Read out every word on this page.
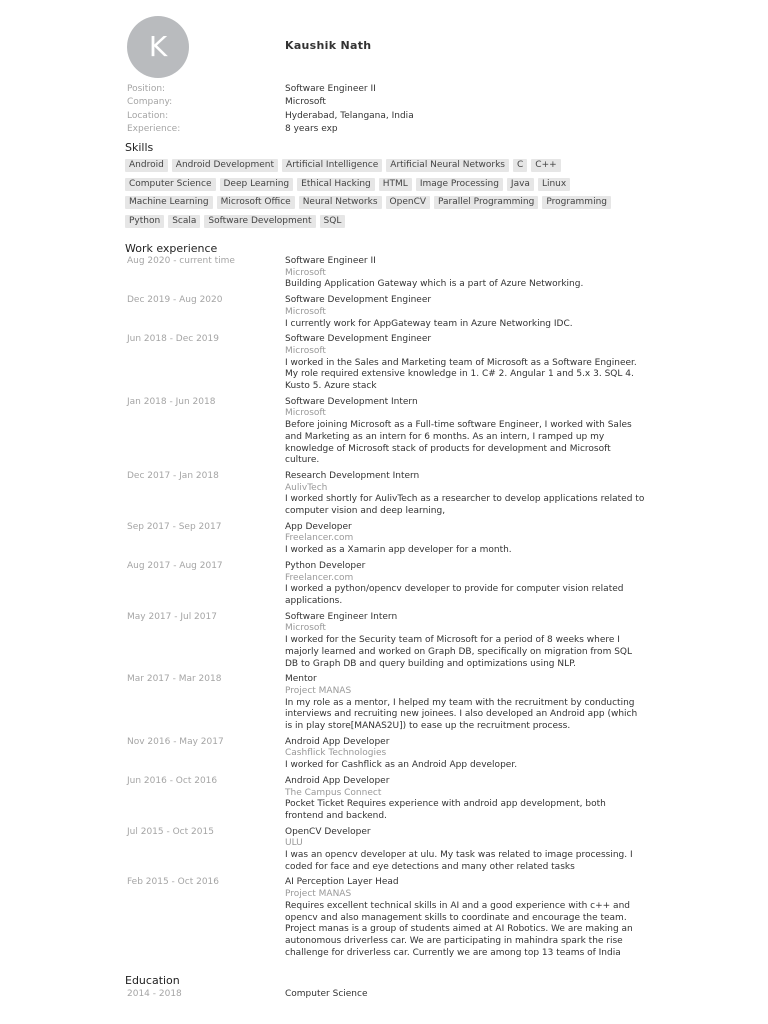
K	Kaushik Nath
Position:	Software Engineer II
Company:	Microsoft
Location:	Hyderabad, Telangana, India
Experience:	8 years exp
Skills
Android	Android Development	Artificial Intelligence	Artificial Neural Networks	C	C++
Computer Science	Deep Learning	Ethical Hacking	HTML	Image Processing	Java	Linux
Machine Learning	Microsoft Office	Neural Networks	OpenCV	Parallel Programming	Programming
Python	Scala	Software Development	SQL
Work experience
Aug 2020 - current time	Software Engineer II
Microsoft
Building Application Gateway which is a part of Azure Networking.
Dec 2019 - Aug 2020	Software Development Engineer
Microsoft
I currently work for AppGateway team in Azure Networking IDC.
Jun 2018 - Dec 2019	Software Development Engineer
Microsoft
I worked in the Sales and Marketing team of Microsoft as a Software Engineer. My role required extensive knowledge in 1. C# 2. Angular 1 and 5.x 3. SQL 4. Kusto 5. Azure stack
Jan 2018 - Jun 2018	Software Development Intern
Microsoft
Before joining Microsoft as a Full-time software Engineer, I worked with Sales and Marketing as an intern for 6 months. As an intern, I ramped up my knowledge of Microsoft stack of products for development and Microsoft culture.
Dec 2017 - Jan 2018	Research Development Intern
AulivTech
I worked shortly for AulivTech as a researcher to develop applications related to computer vision and deep learning,
Sep 2017 - Sep 2017	App Developer
Freelancer.com
I worked as a Xamarin app developer for a month.
Aug 2017 - Aug 2017	Python Developer
Freelancer.com
I worked a python/opencv developer to provide for computer vision related applications.
May 2017 - Jul 2017	Software Engineer Intern
Microsoft
I worked for the Security team of Microsoft for a period of 8 weeks where I majorly learned and worked on Graph DB, specifically on migration from SQL DB to Graph DB and query building and optimizations using NLP.
Mar 2017 - Mar 2018	Mentor
Project MANAS
In my role as a mentor, I helped my team with the recruitment by conducting interviews and recruiting new joinees. I also developed an Android app (which is in play store[MANAS2U]) to ease up the recruitment process.
Nov 2016 - May 2017	Android App Developer
Cashflick Technologies
I worked for Cashflick as an Android App developer.
Jun 2016 - Oct 2016	Android App Developer
The Campus Connect
Pocket Ticket Requires experience with android app development, both frontend and backend.
Jul 2015 - Oct 2015	OpenCV Developer
ULU
I was an opencv developer at ulu. My task was related to image processing. I coded for face and eye detections and many other related tasks
Feb 2015 - Oct 2016	AI Perception Layer Head
Project MANAS
Requires excellent technical skills in AI and a good experience with c++ and opencv and also management skills to coordinate and encourage the team. Project manas is a group of students aimed at AI Robotics. We are making an autonomous driverless car. We are participating in mahindra spark the rise challenge for driverless car. Currently we are among top 13 teams of India
Education
2014 - 2018	Computer Science
